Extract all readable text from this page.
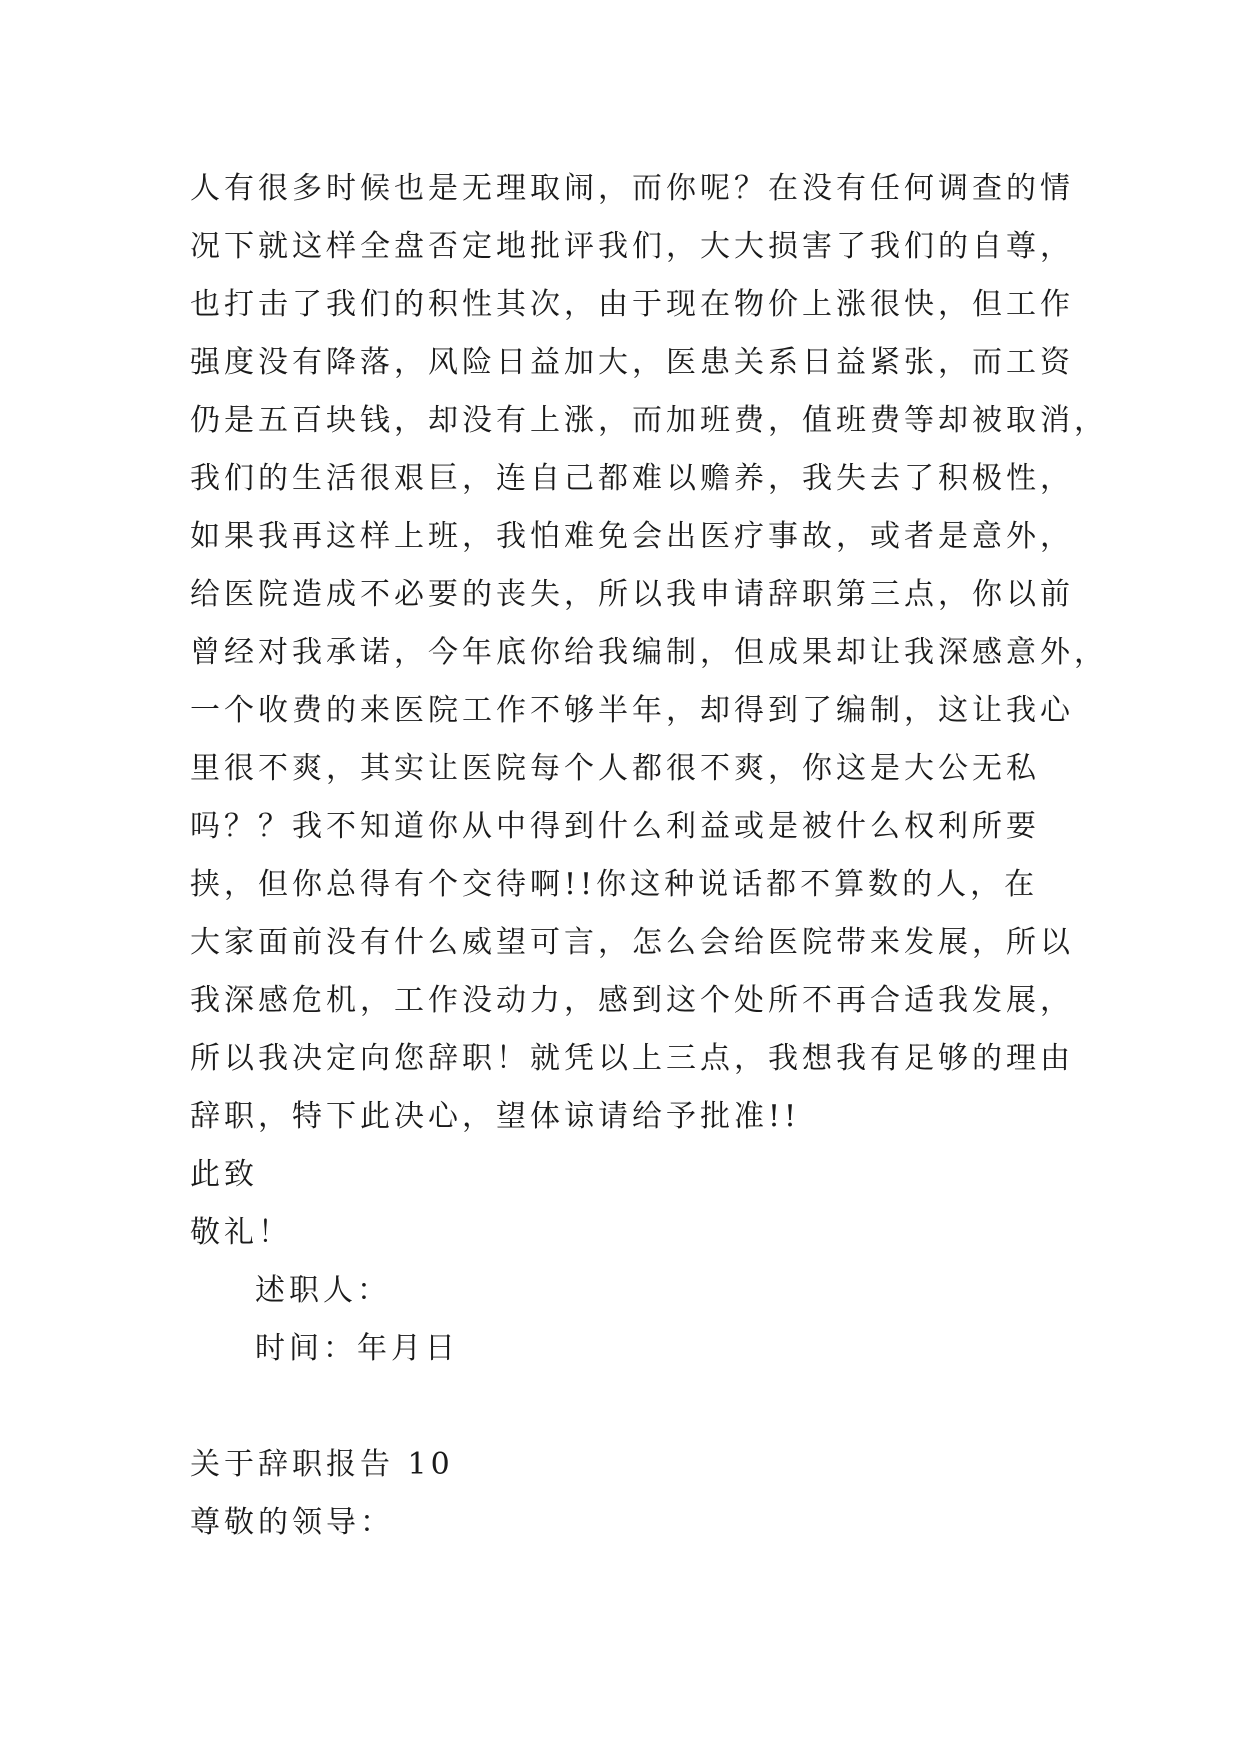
人有很多时候也是无理取闹，而你呢？在没有任何调查的情
况下就这样全盘否定地批评我们，大大损害了我们的自尊，
也打击了我们的积性其次，由于现在物价上涨很快，但工作
强度没有降落，风险日益加大，医患关系日益紧张，而工资
仍是五百块钱，却没有上涨，而加班费，值班费等却被取消，
我们的生活很艰巨，连自己都难以赡养，我失去了积极性，
如果我再这样上班，我怕难免会出医疗事故，或者是意外，
给医院造成不必要的丧失，所以我申请辞职第三点，你以前
曾经对我承诺，今年底你给我编制，但成果却让我深感意外，
一个收费的来医院工作不够半年，却得到了编制，这让我心
里很不爽，其实让医院每个人都很不爽，你这是大公无私
吗？？我不知道你从中得到什么利益或是被什么权利所要
挟，但你总得有个交待啊!!你这种说话都不算数的人，在
大家面前没有什么威望可言，怎么会给医院带来发展，所以
我深感危机，工作没动力，感到这个处所不再合适我发展，
所以我决定向您辞职！就凭以上三点，我想我有足够的理由
辞职，特下此决心，望体谅请给予批准!!
此致
敬礼！
述职人：
时间：年月日
关于辞职报告 10
尊敬的领导：
